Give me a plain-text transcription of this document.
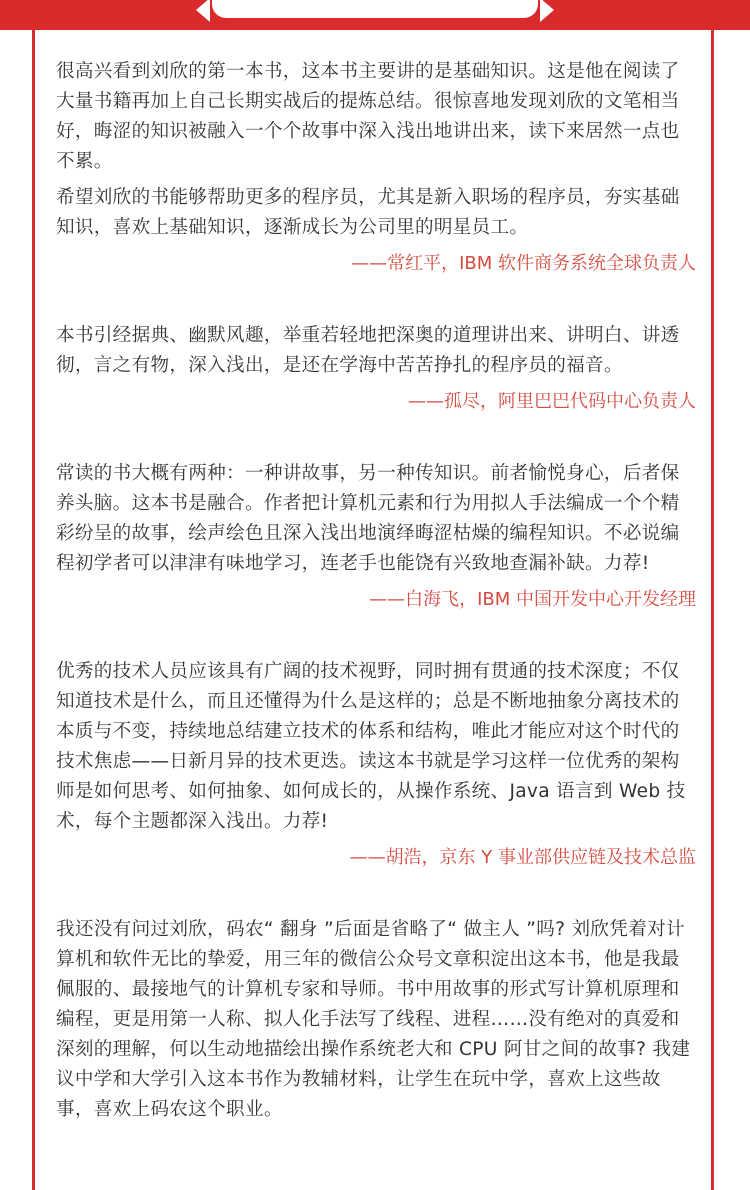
很高兴看到刘欣的第一本书，这本书主要讲的是基础知识。这是他在阅读了大量书籍再加上自己长期实战后的提炼总结。很惊喜地发现刘欣的文笔相当好，晦涩的知识被融入一个个故事中深入浅出地讲出来，读下来居然一点也不累。

希望刘欣的书能够帮助更多的程序员，尤其是新入职场的程序员，夯实基础知识，喜欢上基础知识，逐渐成长为公司里的明星员工。

——常红平，IBM 软件商务系统全球负责人

本书引经据典、幽默风趣，举重若轻地把深奥的道理讲出来、讲明白、讲透彻，言之有物，深入浅出，是还在学海中苦苦挣扎的程序员的福音。

——孤尽，阿里巴巴代码中心负责人

常读的书大概有两种：一种讲故事，另一种传知识。前者愉悦身心，后者保养头脑。这本书是融合。作者把计算机元素和行为用拟人手法编成一个个精彩纷呈的故事，绘声绘色且深入浅出地演绎晦涩枯燥的编程知识。不必说编程初学者可以津津有味地学习，连老手也能饶有兴致地查漏补缺。力荐!

——白海飞，IBM 中国开发中心开发经理

优秀的技术人员应该具有广阔的技术视野，同时拥有贯通的技术深度；不仅知道技术是什么，而且还懂得为什么是这样的；总是不断地抽象分离技术的本质与不变，持续地总结建立技术的体系和结构，唯此才能应对这个时代的技术焦虑——日新月异的技术更迭。读这本书就是学习这样一位优秀的架构师是如何思考、如何抽象、如何成长的，从操作系统、Java 语言到 Web 技术，每个主题都深入浅出。力荐!

——胡浩，京东 Y 事业部供应链及技术总监

我还没有问过刘欣，码农“ 翻身 ”后面是省略了“ 做主人 ”吗? 刘欣凭着对计算机和软件无比的挚爱，用三年的微信公众号文章积淀出这本书，他是我最佩服的、最接地气的计算机专家和导师。书中用故事的形式写计算机原理和编程，更是用第一人称、拟人化手法写了线程、进程……没有绝对的真爱和深刻的理解，何以生动地描绘出操作系统老大和 CPU 阿甘之间的故事? 我建议中学和大学引入这本书作为教辅材料，让学生在玩中学，喜欢上这些故事，喜欢上码农这个职业。
